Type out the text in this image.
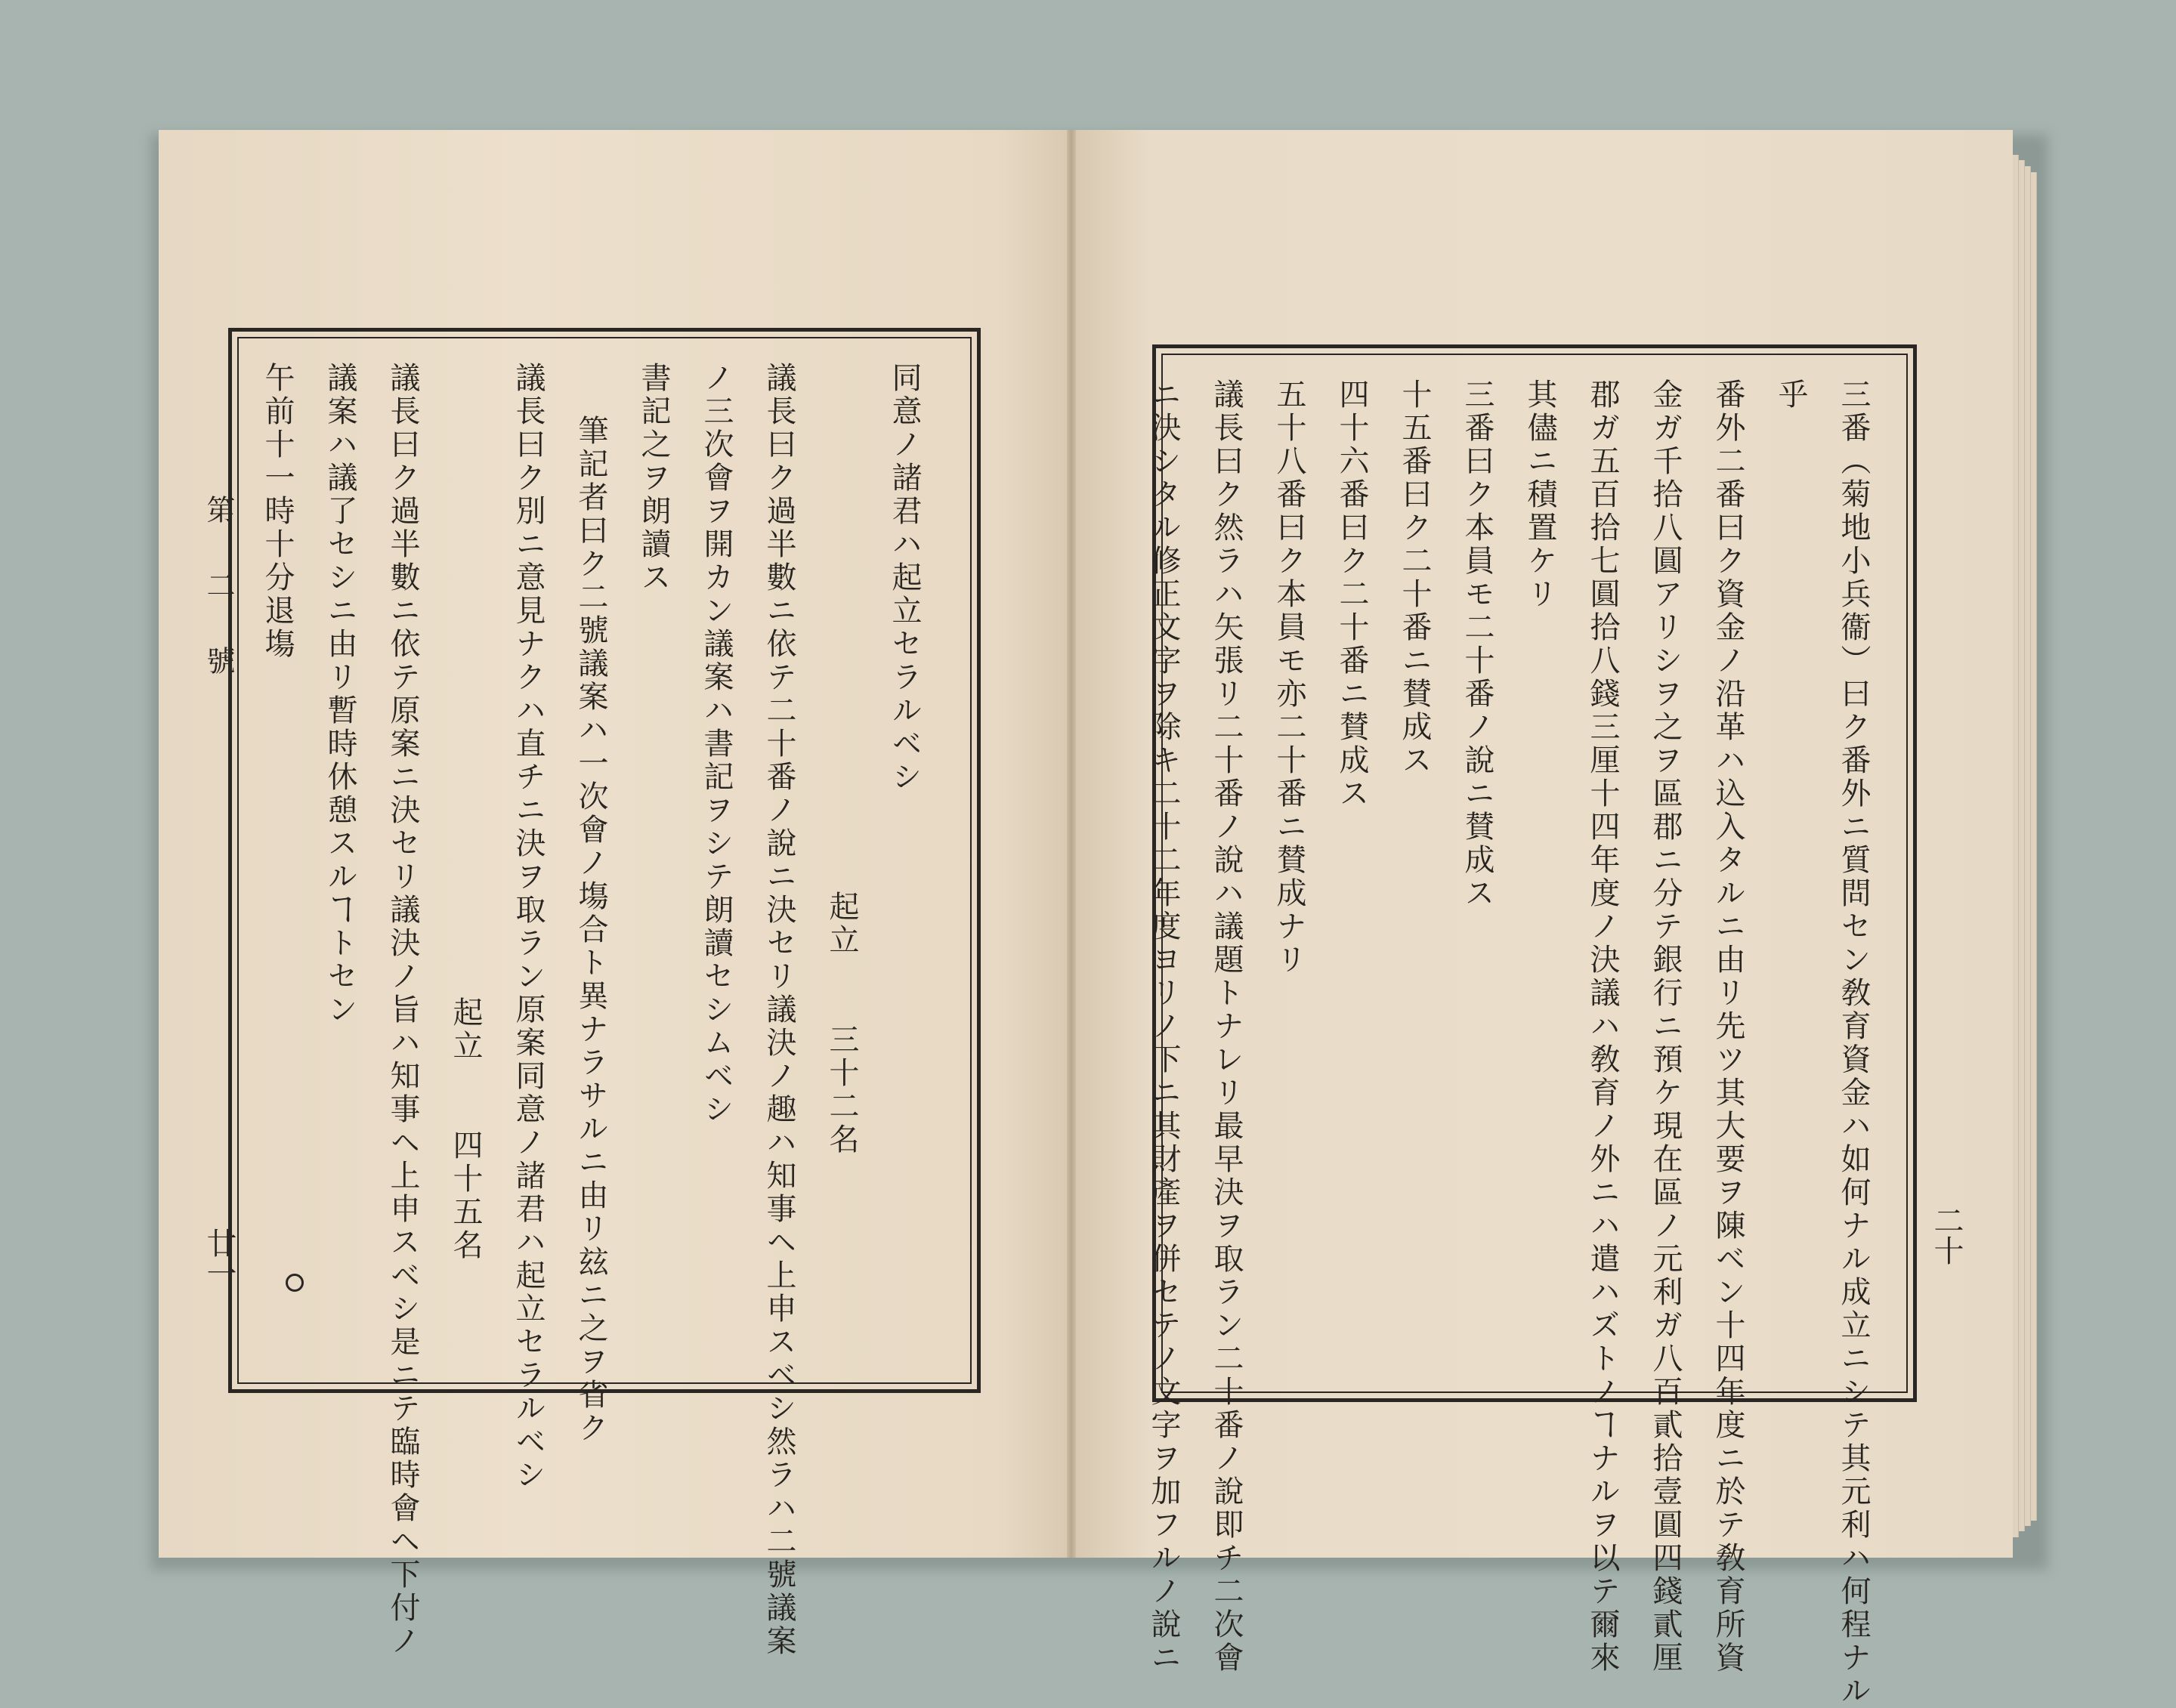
第二號
廿一
同意ノ諸君ハ起立セラルベシ
起立　　三十二名
議長曰ク過半數ニ依テ二十番ノ說ニ決セリ議決ノ趣ハ知事ヘ上申スベシ然ラハ二號議案
ノ三次會ヲ開カン議案ハ書記ヲシテ朗讀セシムベシ
書記之ヲ朗讀ス
筆記者曰ク二號議案ハ一次會ノ塲合ト異ナラサルニ由リ玆ニ之ヲ省ク
議長曰ク別ニ意見ナクハ直チニ決ヲ取ラン原案同意ノ諸君ハ起立セラルベシ
起立　　四十五名
議長曰ク過半數ニ依テ原案ニ決セリ議決ノ旨ハ知事ヘ上申スベシ是ニテ臨時會ヘ下付ノ
議案ハ議了セシニ由リ暫時休憩スルヿトセン
午前十一時十分退塲
二十
三番（菊地小兵衞）曰ク番外ニ質問セン敎育資金ハ如何ナル成立ニシテ其元利ハ何程ナル
乎
番外二番曰ク資金ノ沿革ハ込入タルニ由リ先ツ其大要ヲ陳ベン十四年度ニ於テ敎育所資
金ガ千拾八圓アリシヲ之ヲ區郡ニ分テ銀行ニ預ケ現在區ノ元利ガ八百貳拾壹圓四錢貳厘
郡ガ五百拾七圓拾八錢三厘十四年度ノ決議ハ敎育ノ外ニハ遣ハズトノヿナルヲ以テ爾來
其儘ニ積置ケリ
三番曰ク本員モ二十番ノ說ニ賛成ス
十五番曰ク二十番ニ賛成ス
四十六番曰ク二十番ニ賛成ス
五十八番曰ク本員モ亦二十番ニ賛成ナリ
議長曰ク然ラハ矢張リ二十番ノ說ハ議題トナレリ最早決ヲ取ラン二十番ノ說即チ二次會
ニ決シタル修正文字ヲ除キ二十二年度ヨリノ下ニ其財產ヲ併セテノ文字ヲ加フルノ說ニ
